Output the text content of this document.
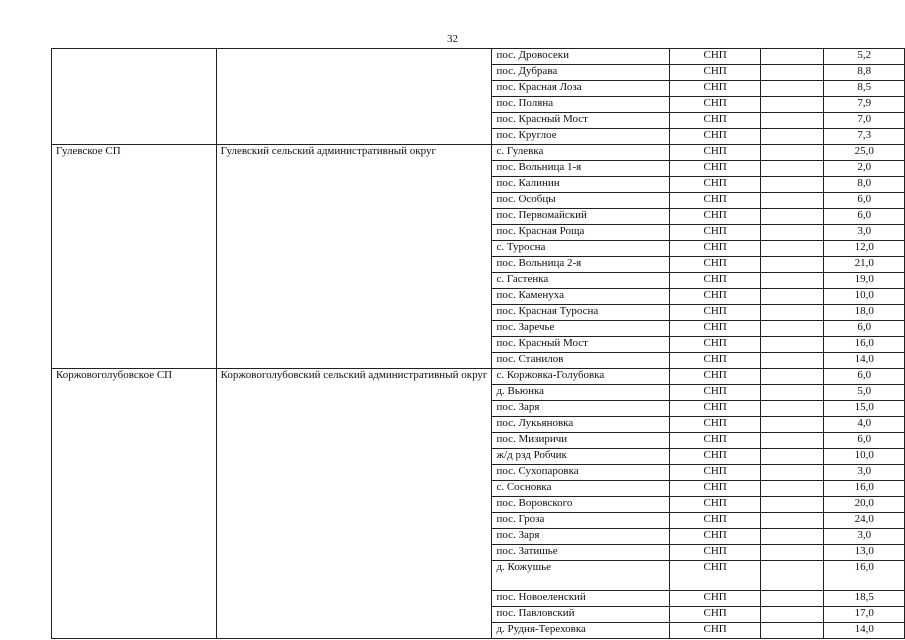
32
		пос. Дровосеки	СНП		5,2
		пос. Дубрава	СНП		8,8
		пос. Красная Лоза	СНП		8,5
		пос. Поляна	СНП		7,9
		пос. Красный Мост	СНП		7,0
		пос. Круглое	СНП		7,3
Гулевское СП	Гулевский сельский административный округ	с. Гулевка	СНП		25,0
		пос. Вольница 1-я	СНП		2,0
		пос. Калинин	СНП		8,0
		пос. Особцы	СНП		6,0
		пос. Первомайский	СНП		6,0
		пос. Красная Роща	СНП		3,0
		с. Туросна	СНП		12,0
		пос. Вольница 2-я	СНП		21,0
		с. Гастенка	СНП		19,0
		пос. Каменуха	СНП		10,0
		пос. Красная Туросна	СНП		18,0
		пос. Заречье	СНП		6,0
		пос. Красный Мост	СНП		16,0
		пос. Станилов	СНП		14,0
Коржовоголубовское СП	Коржовоголубовский сельский административный округ	с. Коржовка-Голубовка	СНП		6,0
		д. Вьюнка	СНП		5,0
		пос. Заря	СНП		15,0
		пос. Лукьяновка	СНП		4,0
		пос. Мизиричи	СНП		6,0
		ж/д рзд Робчик	СНП		10,0
		пос. Сухопаровка	СНП		3,0
		с. Сосновка	СНП		16,0
		пос. Воровского	СНП		20,0
		пос. Гроза	СНП		24,0
		пос. Заря	СНП		3,0
		пос. Затишье	СНП		13,0
		д. Кожушье	СНП		16,0
		пос. Новоеленский	СНП		18,5
		пос. Павловский	СНП		17,0
		д. Рудня-Тереховка	СНП		14,0
